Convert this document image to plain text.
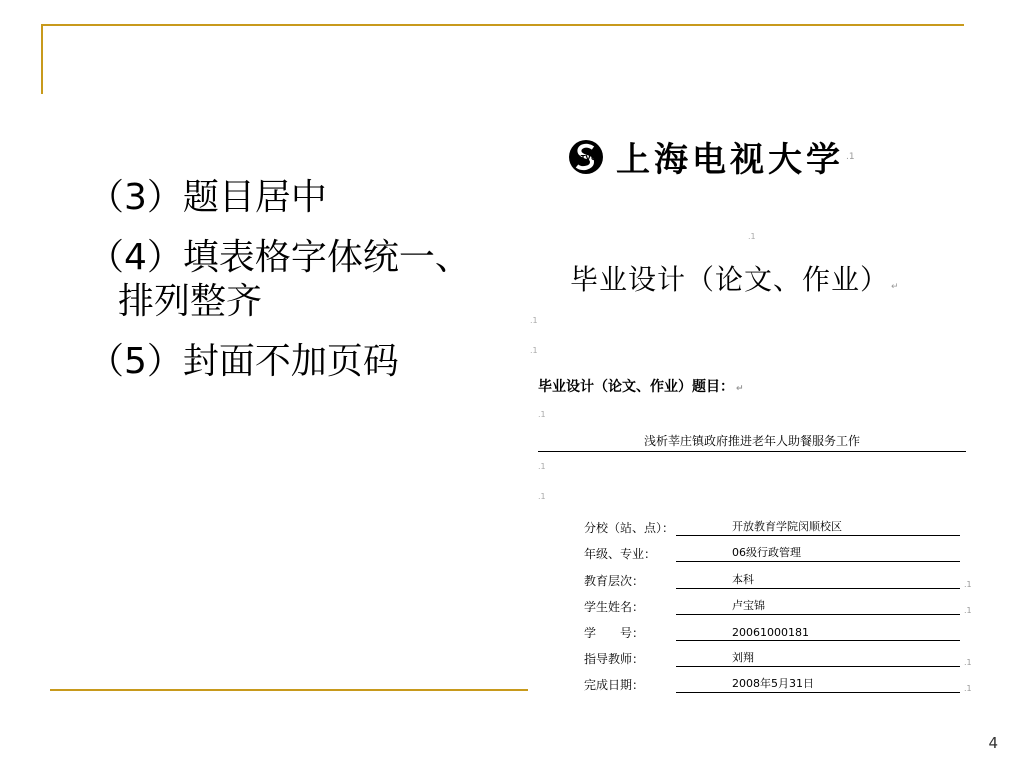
（3）题目居中
（4）填表格字体统一、
排列整齐
（5）封面不加页码
STVU 上海电视大学 .1
.1
毕业设计（论文、作业） ↵
.1
.1
毕业设计（论文、作业）题目： ↵
.1
浅析莘庄镇政府推进老年人助餐服务工作
.1
.1
分校（站、点）：	开放教育学院闵顺校区
年级、专业：	06级行政管理
教育层次：	本科	.1
学生姓名：	卢宝锦	.1
学　　号：	20061000181
指导教师：	刘翔	.1
完成日期：	2008年5月31日	.1
4
